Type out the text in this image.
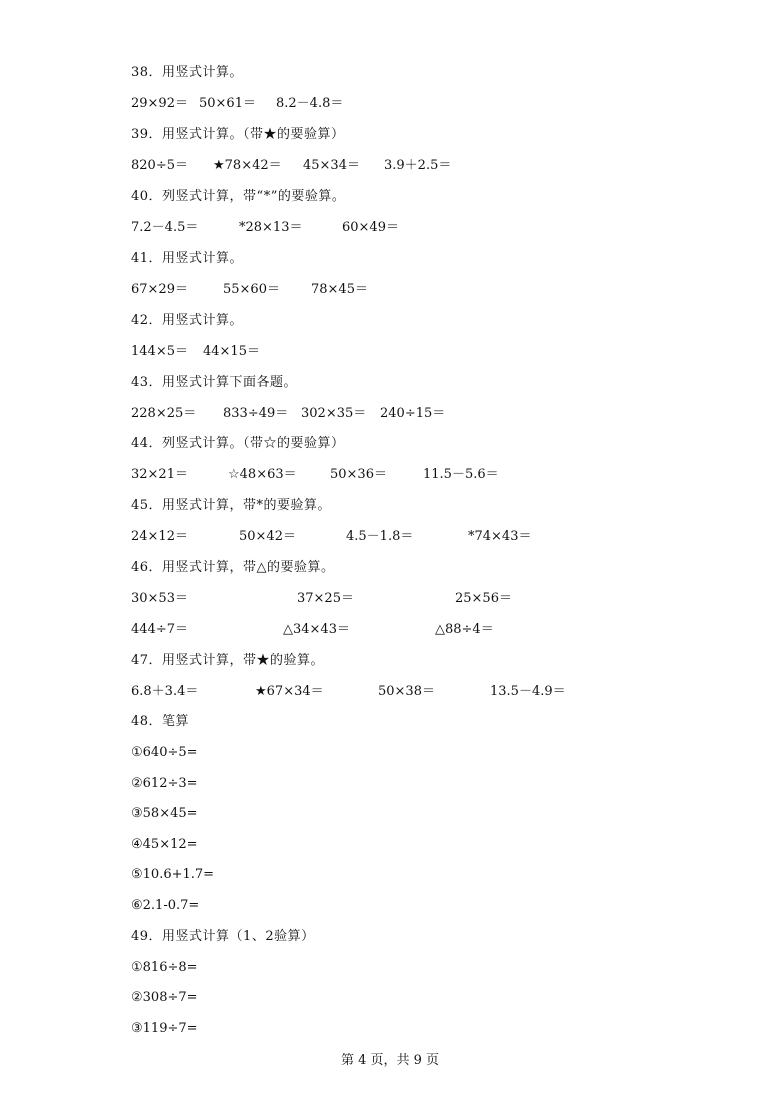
38．用竖式计算。
29×92＝ 50×61＝ 8.2－4.8＝
39．用竖式计算。（带★的要验算）
820÷5＝ ★78×42＝ 45×34＝ 3.9＋2.5＝
40．列竖式计算，带“*”的要验算。
7.2－4.5＝	*28×13＝	60×49＝
41．用竖式计算。
67×29＝	55×60＝ 78×45＝
42．用竖式计算。
144×5＝ 44×15＝
43．用竖式计算下面各题。
228×25＝ 833÷49＝ 302×35＝ 240÷15＝
44．列竖式计算。（带☆的要验算）
32×21＝	☆48×63＝	50×36＝	11.5－5.6＝
45．用竖式计算，带*的要验算。
24×12＝	50×42＝	4.5－1.8＝	*74×43＝
46．用竖式计算，带△的要验算。
30×53＝	37×25＝	25×56＝
444÷7＝	△34×43＝	△88÷4＝
47．用竖式计算，带★的验算。
6.8＋3.4＝	★67×34＝	50×38＝	13.5－4.9＝
48．笔算
①640÷5=
②612÷3=
③58×45=
④45×12=
⑤10.6+1.7=
⑥2.1-0.7=
49．用竖式计算（1、2验算）
①816÷8=
②308÷7=
③119÷7=
第 4 页，共 9 页
